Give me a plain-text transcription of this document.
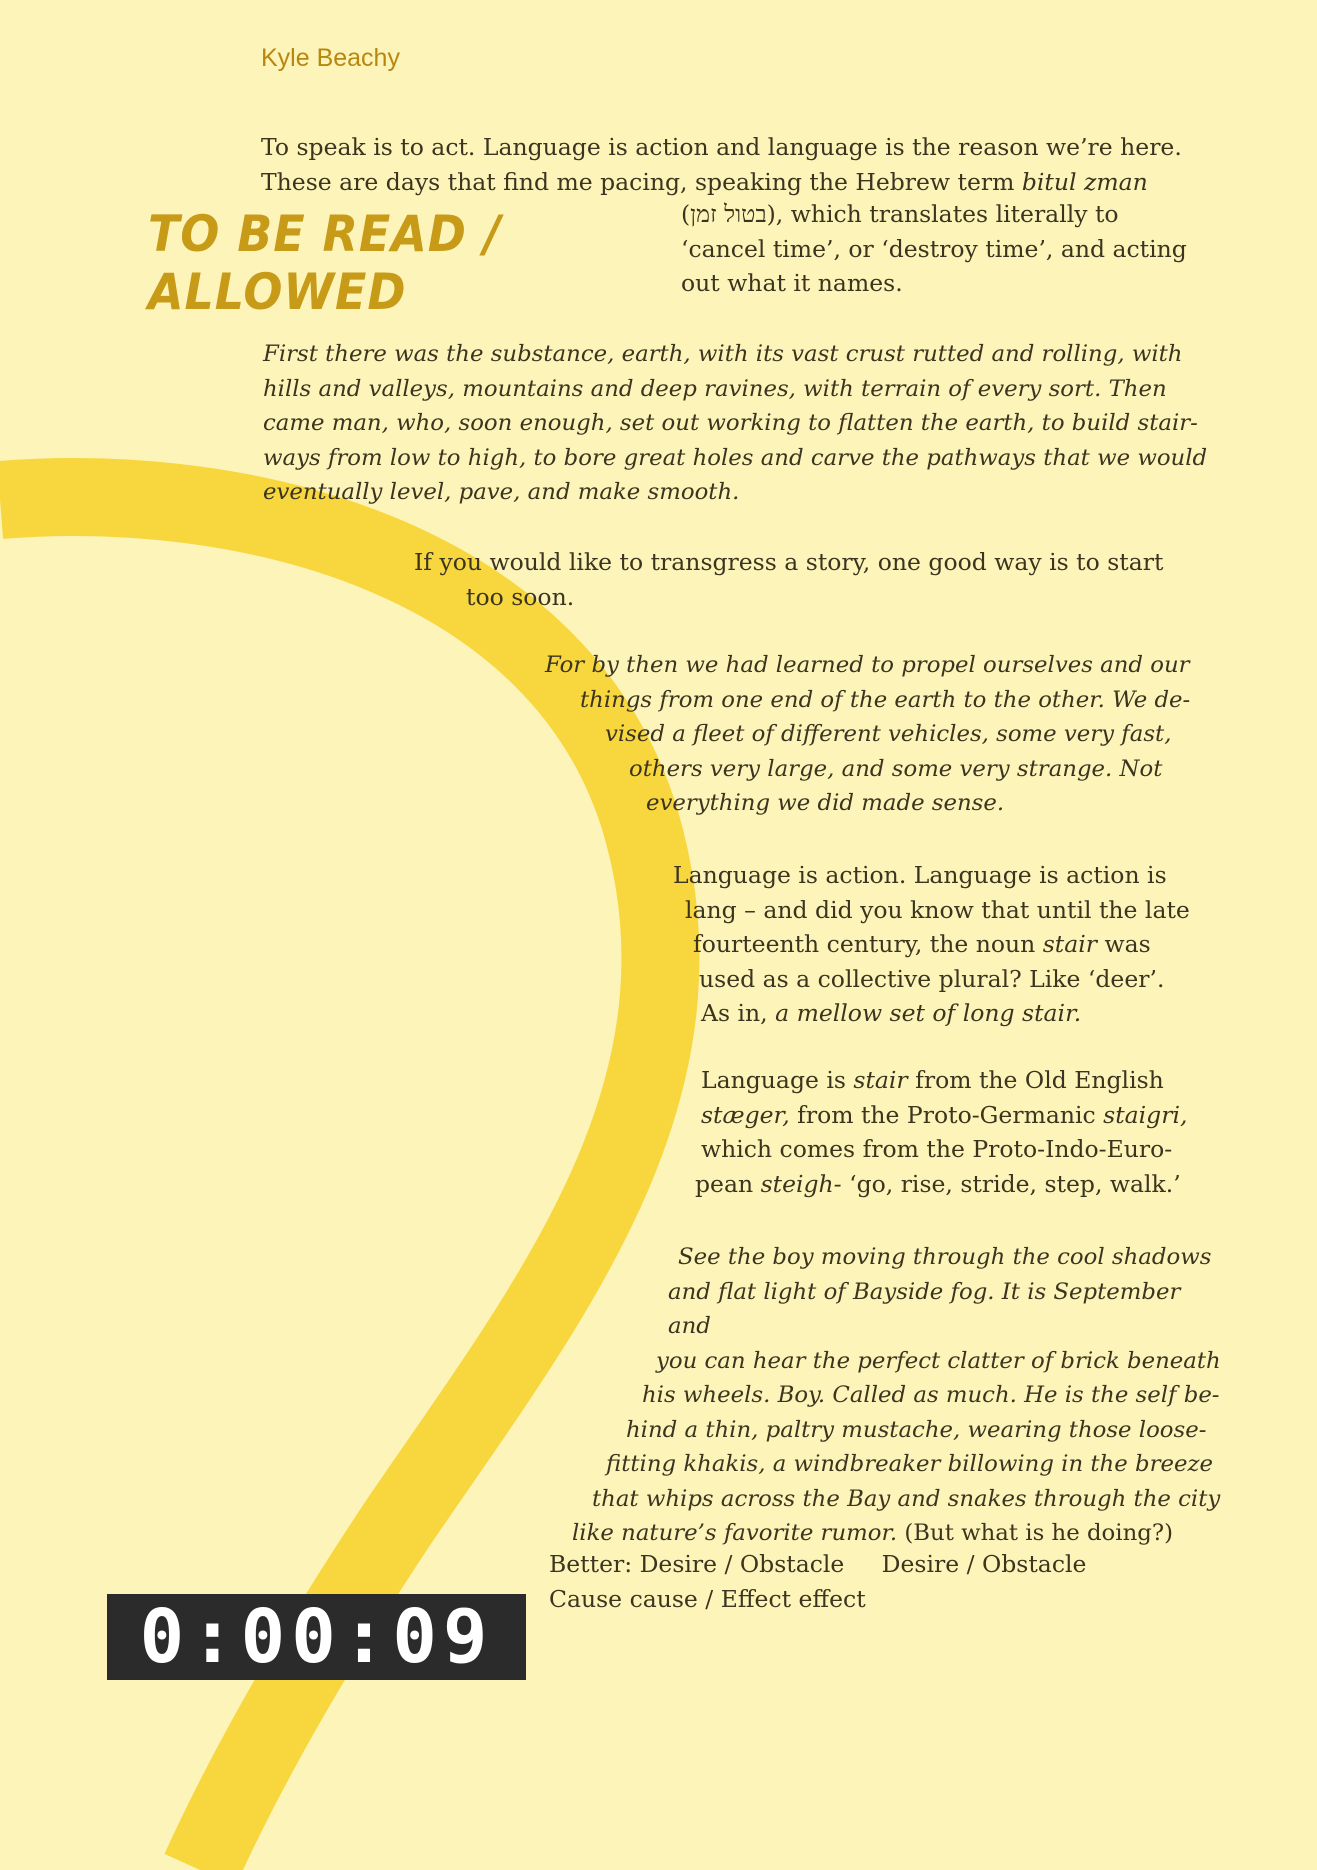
Kyle Beachy
TO BE READ / ALLOWED

To speak is to act. Language is action and language is the reason we’re here.

These are days that find me pacing, speaking the Hebrew term bitul zman

(בטול זמן), which translates literally to

‘cancel time’, or ‘destroy time’, and acting

out what it names.

First there was the substance, earth, with its vast crust rutted and rolling, with

hills and valleys, mountains and deep ravines, with terrain of every sort. Then

came man, who, soon enough, set out working to flatten the earth, to build stair-

ways from low to high, to bore great holes and carve the pathways that we would

eventually level, pave, and make smooth.

If you would like to transgress a story, one good way is to start

too soon.

For by then we had learned to propel ourselves and our

things from one end of the earth to the other. We de-

vised a fleet of different vehicles, some very fast,

others very large, and some very strange. Not

everything we did made sense.

Language is action. Language is action is

lang – and did you know that until the late

fourteenth century, the noun stair was

used as a collective plural? Like ‘deer’.

As in, a mellow set of long stair.

Language is stair from the Old English

stæger, from the Proto-Germanic staigri,

which comes from the Proto-Indo-Euro-

pean steigh- ‘go, rise, stride, step, walk.’

See the boy moving through the cool shadows

and flat light of Bayside fog. It is September and

you can hear the perfect clatter of brick beneath

his wheels. Boy. Called as much. He is the self be-

hind a thin, paltry mustache, wearing those loose-

fitting khakis, a windbreaker billowing in the breeze

that whips across the Bay and snakes through the city

like nature’s favorite rumor. (But what is he doing?)

Better: Desire / Obstacle     Desire / Obstacle

Cause cause / Effect effect

0:00:09
